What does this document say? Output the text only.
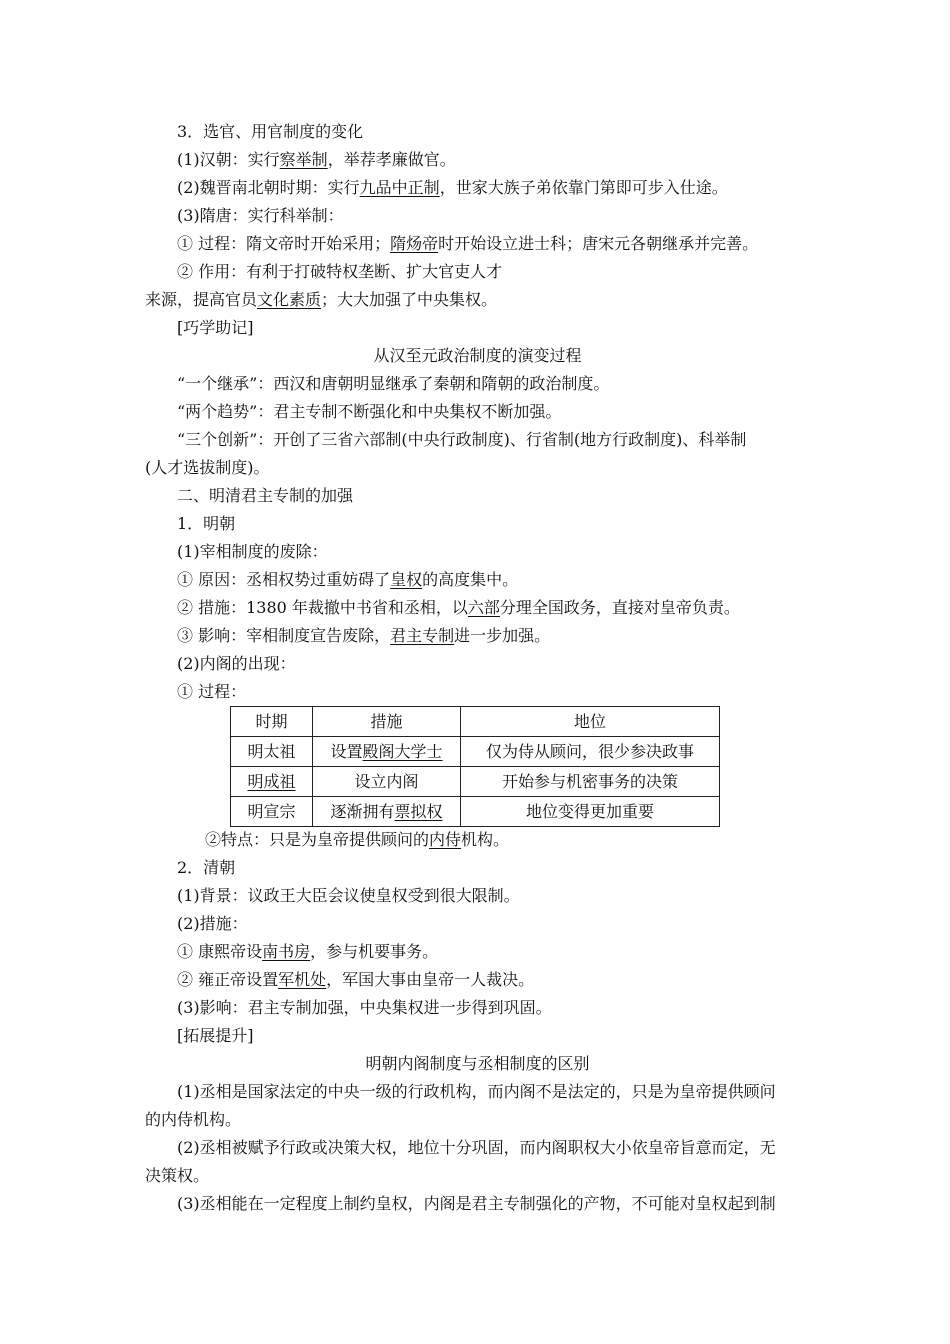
3．选官、用官制度的变化
(1)汉朝：实行察举制，举荐孝廉做官。
(2)魏晋南北朝时期：实行九品中正制，世家大族子弟依靠门第即可步入仕途。
(3)隋唐：实行科举制：
① 过程：隋文帝时开始采用；隋炀帝时开始设立进士科；唐宋元各朝继承并完善。
② 作用：有利于打破特权垄断、扩大官吏人才
来源，提高官员文化素质；大大加强了中央集权。
[巧学助记]
从汉至元政治制度的演变过程
“一个继承”：西汉和唐朝明显继承了秦朝和隋朝的政治制度。
“两个趋势”：君主专制不断强化和中央集权不断加强。
“三个创新”：开创了三省六部制(中央行政制度)、行省制(地方行政制度)、科举制
(人才选拔制度)。
二、明清君主专制的加强
1．明朝
(1)宰相制度的废除：
① 原因：丞相权势过重妨碍了皇权的高度集中。
② 措施：1380 年裁撤中书省和丞相，以六部分理全国政务，直接对皇帝负责。
③ 影响：宰相制度宣告废除，君主专制进一步加强。
(2)内阁的出现：
① 过程：
时期	措施	地位
明太祖	设置殿阁大学士	仅为侍从顾问，很少参决政事
明成祖	设立内阁	开始参与机密事务的决策
明宣宗	逐渐拥有票拟权	地位变得更加重要
②特点：只是为皇帝提供顾问的内侍机构。
2．清朝
(1)背景：议政王大臣会议使皇权受到很大限制。
(2)措施：
① 康熙帝设南书房，参与机要事务。
② 雍正帝设置军机处，军国大事由皇帝一人裁决。
(3)影响：君主专制加强，中央集权进一步得到巩固。
[拓展提升]
明朝内阁制度与丞相制度的区别
(1)丞相是国家法定的中央一级的行政机构，而内阁不是法定的，只是为皇帝提供顾问
的内侍机构。
(2)丞相被赋予行政或决策大权，地位十分巩固，而内阁职权大小依皇帝旨意而定，无
决策权。
(3)丞相能在一定程度上制约皇权，内阁是君主专制强化的产物，不可能对皇权起到制
